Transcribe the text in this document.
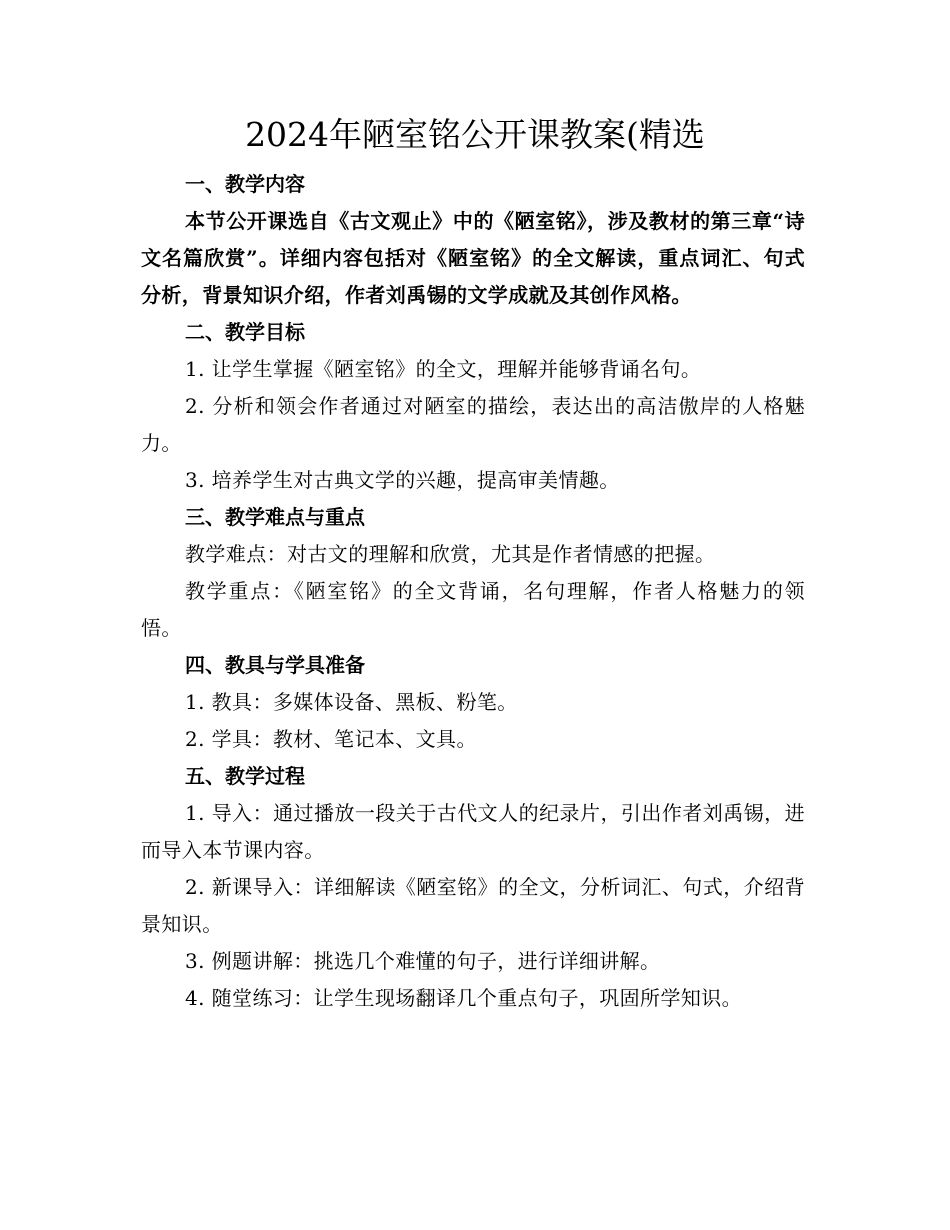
2024年陋室铭公开课教案(精选

一、教学内容

本节公开课选自《古文观止》中的《陋室铭》，涉及教材的第三章“诗文名篇欣赏”。详细内容包括对《陋室铭》的全文解读，重点词汇、句式分析，背景知识介绍，作者刘禹锡的文学成就及其创作风格。

二、教学目标

1. 让学生掌握《陋室铭》的全文，理解并能够背诵名句。

2. 分析和领会作者通过对陋室的描绘，表达出的高洁傲岸的人格魅力。

3. 培养学生对古典文学的兴趣，提高审美情趣。

三、教学难点与重点

教学难点：对古文的理解和欣赏，尤其是作者情感的把握。

教学重点：《陋室铭》的全文背诵，名句理解，作者人格魅力的领悟。

四、教具与学具准备

1. 教具：多媒体设备、黑板、粉笔。

2. 学具：教材、笔记本、文具。

五、教学过程

1. 导入：通过播放一段关于古代文人的纪录片，引出作者刘禹锡，进而导入本节课内容。

2. 新课导入：详细解读《陋室铭》的全文，分析词汇、句式，介绍背景知识。

3. 例题讲解：挑选几个难懂的句子，进行详细讲解。

4. 随堂练习：让学生现场翻译几个重点句子，巩固所学知识。
